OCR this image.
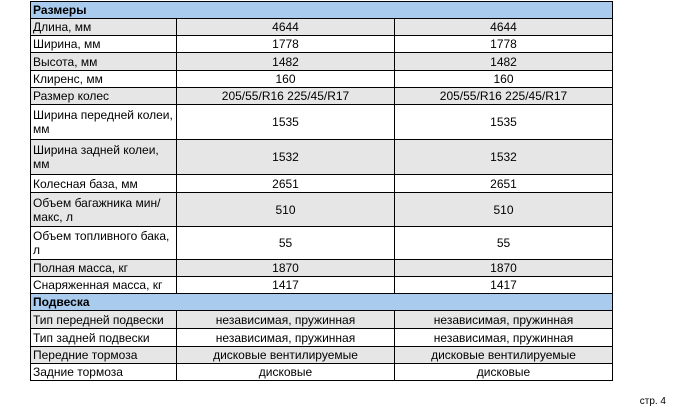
Размеры		
Длина, мм	4644	4644
Ширина, мм	1778	1778
Высота, мм	1482	1482
Клиренс, мм	160	160
Размер колес	205/55/R16 225/45/R17	205/55/R16 225/45/R17
Ширина передней колеи, мм	1535	1535
Ширина задней колеи, мм	1532	1532
Колесная база, мм	2651	2651
Объем багажника мин/макс, л	510	510
Объем топливного бака, л	55	55
Полная масса, кг	1870	1870
Снаряженная масса, кг	1417	1417
Подвеска		
Тип передней подвески	независимая, пружинная	независимая, пружинная
Тип задней подвески	независимая, пружинная	независимая, пружинная
Передние тормоза	дисковые вентилируемые	дисковые вентилируемые
Задние тормоза	дисковые	дисковые
стр. 4
